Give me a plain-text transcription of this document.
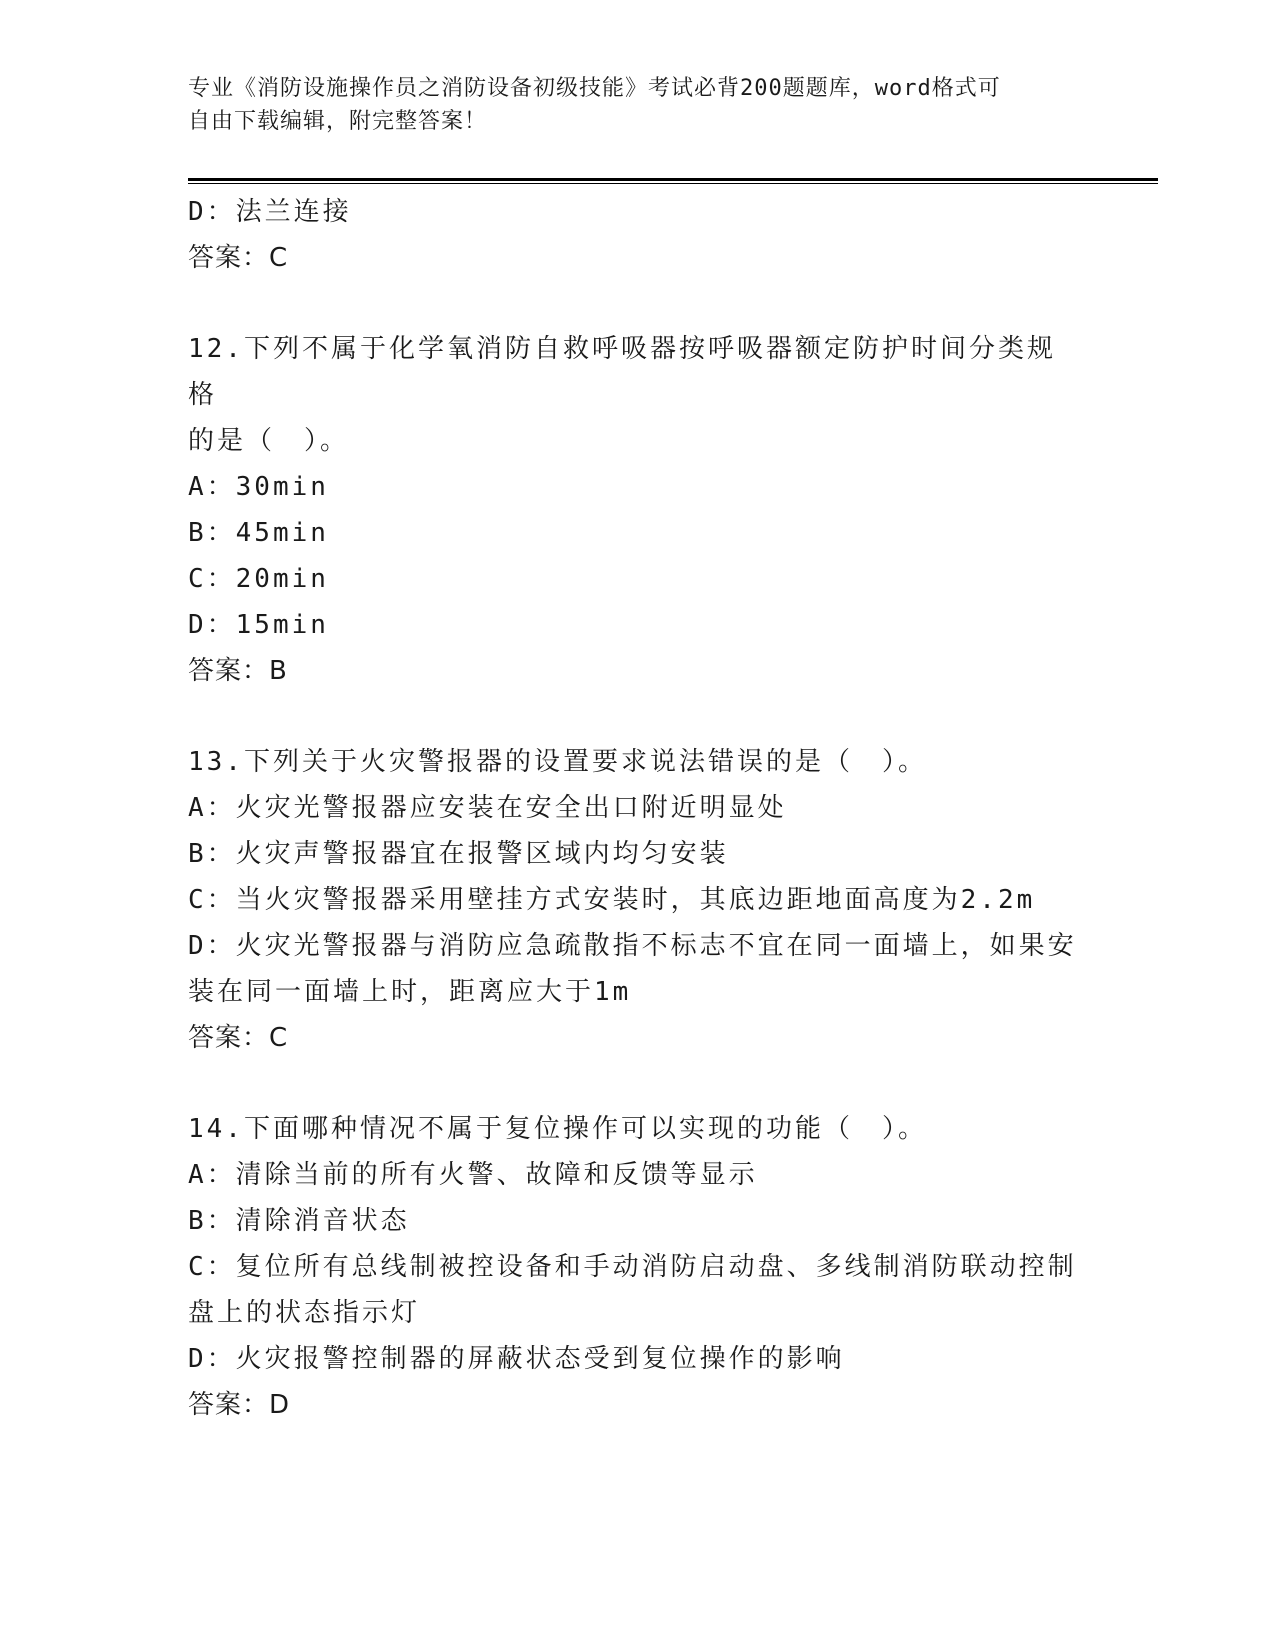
专业《消防设施操作员之消防设备初级技能》考试必背200题题库，word格式可
自由下载编辑，附完整答案！
D：法兰连接
答案：C
12.下列不属于化学氧消防自救呼吸器按呼吸器额定防护时间分类规格
的是（　）。
A：30min
B：45min
C：20min
D：15min
答案：B
13.下列关于火灾警报器的设置要求说法错误的是（　）。
A：火灾光警报器应安装在安全出口附近明显处
B：火灾声警报器宜在报警区域内均匀安装
C：当火灾警报器采用壁挂方式安装时，其底边距地面高度为2.2m
D：火灾光警报器与消防应急疏散指不标志不宜在同一面墙上，如果安
装在同一面墙上时，距离应大于1m
答案：C
14.下面哪种情况不属于复位操作可以实现的功能（　）。
A：清除当前的所有火警、故障和反馈等显示
B：清除消音状态
C：复位所有总线制被控设备和手动消防启动盘、多线制消防联动控制
盘上的状态指示灯
D：火灾报警控制器的屏蔽状态受到复位操作的影响
答案：D
